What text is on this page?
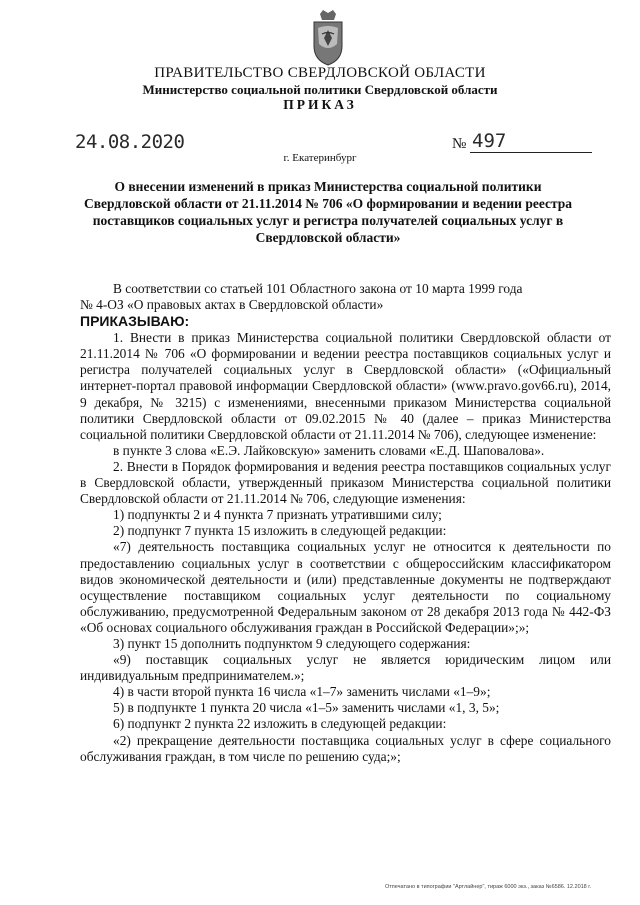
ПРАВИТЕЛЬСТВО СВЕРДЛОВСКОЙ ОБЛАСТИ
Министерство социальной политики Свердловской области
ПРИКАЗ
24.08.2020	№ 497
г. Екатеринбург
О внесении изменений в приказ Министерства социальной политики Свердловской области от 21.11.2014 № 706 «О формировании и ведении реестра поставщиков социальных услуг и регистра получателей социальных услуг в Свердловской области»

В соответствии со статьей 101 Областного закона от 10 марта 1999 года

№ 4-ОЗ «О правовых актах в Свердловской области»

ПРИКАЗЫВАЮ:

1. Внести в приказ Министерства социальной политики Свердловской области от 21.11.2014 № 706 «О формировании и ведении реестра поставщиков социальных услуг и регистра получателей социальных услуг в Свердловской области» («Официальный интернет-портал правовой информации Свердловской области» (www.pravo.gov66.ru), 2014, 9 декабря, № 3215) с изменениями, внесенными приказом Министерства социальной политики Свердловской области от 09.02.2015 № 40 (далее – приказ Министерства социальной политики Свердловской области от 21.11.2014 № 706), следующее изменение:

в пункте 3 слова «Е.Э. Лайковскую» заменить словами «Е.Д. Шаповалова».

2. Внести в Порядок формирования и ведения реестра поставщиков социальных услуг в Свердловской области, утвержденный приказом Министерства социальной политики Свердловской области от 21.11.2014 № 706, следующие изменения:

1) подпункты 2 и 4 пункта 7 признать утратившими силу;

2) подпункт 7 пункта 15 изложить в следующей редакции:

«7) деятельность поставщика социальных услуг не относится к деятельности по предоставлению социальных услуг в соответствии с общероссийским классификатором видов экономической деятельности и (или) представленные документы не подтверждают осуществление поставщиком социальных услуг деятельности по социальному обслуживанию, предусмотренной Федеральным законом от 28 декабря 2013 года № 442-ФЗ «Об основах социального обслуживания граждан в Российской Федерации»;»;

3) пункт 15 дополнить подпунктом 9 следующего содержания:

«9) поставщик социальных услуг не является юридическим лицом или индивидуальным предпринимателем.»;

4) в части второй пункта 16 числа «1–7» заменить числами «1–9»;

5) в подпункте 1 пункта 20 числа «1–5» заменить числами «1, 3, 5»;

6) подпункт 2 пункта 22 изложить в следующей редакции:

«2) прекращение деятельности поставщика социальных услуг в сфере социального обслуживания граждан, в том числе по решению суда;»;

Отпечатано в типографии "Артлайнер", тираж 6000 экз., заказ №6586. 12.2018 г.
